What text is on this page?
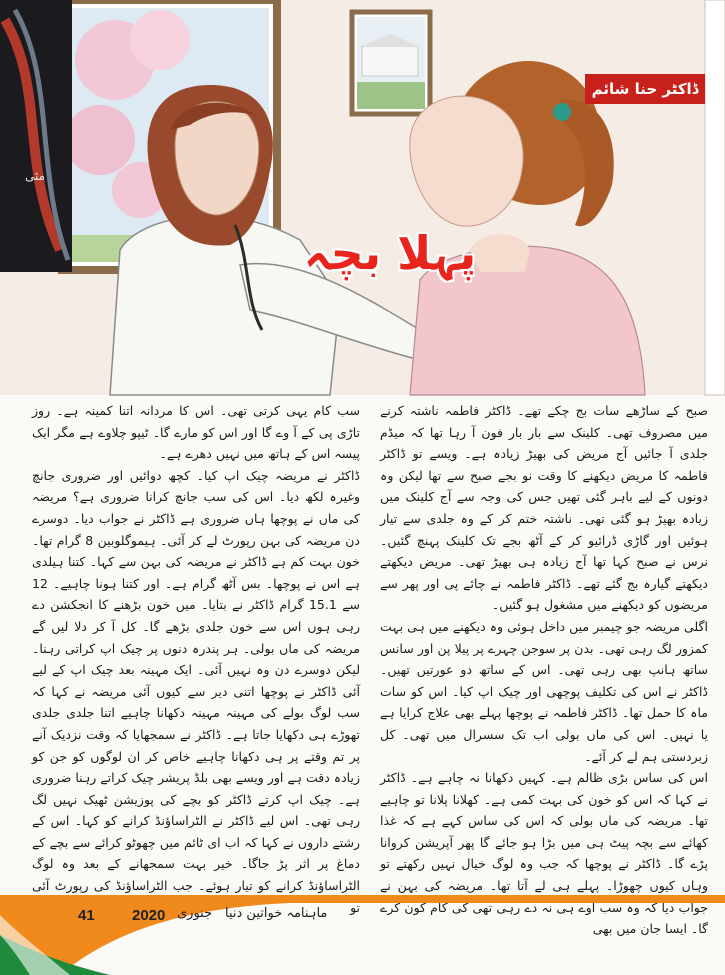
مئی
پہلا بچہ
ڈاکٹر حنا شائم

صبح کے ساڑھے سات بج چکے تھے۔ ڈاکٹر فاطمہ ناشتہ کرنے میں مصروف تھی۔ کلینک سے بار بار فون آ رہا تھا کہ میڈم جلدی آ جائیں آج مریض کی بھیڑ زیادہ ہے۔ ویسے تو ڈاکٹر فاطمہ کا مریض دیکھنے کا وقت نو بجے صبح سے تھا لیکن وہ دونوں کے لیے باہر گئی تھیں جس کی وجہ سے آج کلینک میں زیادہ بھیڑ ہو گئی تھی۔ ناشتہ ختم کر کے وہ جلدی سے تیار ہوئیں اور گاڑی ڈرائیو کر کے آٹھ بجے تک کلینک پہنچ گئیں۔ نرس نے صبح کہا تھا آج زیادہ ہی بھیڑ تھی۔ مریض دیکھتے دیکھتے گیارہ بج گئے تھے۔ ڈاکٹر فاطمہ نے چائے پی اور پھر سے مریضوں کو دیکھنے میں مشغول ہو گئیں۔

اگلی مریضہ جو چیمبر میں داخل ہوئی وہ دیکھنے میں ہی بہت کمزور لگ رہی تھی۔ بدن پر سوجن چہرے پر پیلا پن اور سانس ساتھ ہانپ بھی رہی تھی۔ اس کے ساتھ دو عورتیں تھیں۔ ڈاکٹر نے اس کی تکلیف پوچھی اور چیک اپ کیا۔ اس کو سات ماہ کا حمل تھا۔ ڈاکٹر فاطمہ نے پوچھا پہلے بھی علاج کرایا ہے یا نہیں۔ اس کی ماں بولی اب تک سسرال میں تھی۔ کل زبردستی ہم لے کر آئے۔

اس کی ساس بڑی ظالم ہے۔ کہیں دکھانا نہ چاہے ہے۔ ڈاکٹر نے کہا کہ اس کو خون کی بہت کمی ہے۔ کھلانا پلانا تو چاہیے تھا۔ مریضہ کی ماں بولی کہ اس کی ساس کہے ہے کہ غذا کھائے سے بچہ پیٹ ہی میں بڑا ہو جائے گا پھر آپریشن کروانا پڑے گا۔ ڈاکٹر نے پوچھا کہ جب وہ لوگ خیال نہیں رکھتے تو وہاں کیوں چھوڑا۔ پہلے ہی لے آتا تھا۔ مریضہ کی بہن نے جواب دیا کہ وہ سب آوے ہی نہ دے رہی تھی کی کام کون کرے گا۔ ایسا جان میں بھی

سب کام یہی کرتی تھی۔ اس کا مردانہ اتنا کمینہ ہے۔ روز تاڑی پی کے آ وے گا اور اس کو مارے گا۔ ٹیپو چلاوے ہے مگر ایک پیسہ اس کے ہاتھ میں نہیں دھرے ہے۔

ڈاکٹر نے مریضہ چیک اپ کیا۔ کچھ دوائیں اور ضروری جانچ وغیرہ لکھ دیا۔ اس کی سب جانچ کرانا ضروری ہے؟ مریضہ کی ماں نے پوچھا ہاں ضروری ہے ڈاکٹر نے جواب دیا۔ دوسرے دن مریضہ کی بہن رپورٹ لے کر آئی۔ ہیموگلوبین 8 گرام تھا۔ خون بہت کم ہے ڈاکٹر نے مریضہ کی بہن سے کہا۔ کتنا ہیلدی ہے اس نے پوچھا۔ بس آٹھ گرام ہے۔ اور کتنا ہونا چاہیے۔ 12 سے 15.1 گرام ڈاکٹر نے بتایا۔ میں خون بڑھنے کا انجکشن دے رہی ہوں اس سے خون جلدی بڑھے گا۔ کل آ کر دلا لیں گے مریضہ کی ماں بولی۔ ہر پندرہ دنوں پر چیک اپ کراتی رہنا۔ لیکن دوسرے دن وہ نہیں آئی۔ ایک مہینہ بعد چیک اپ کے لیے آئی ڈاکٹر نے پوچھا اتنی دیر سے کیوں آئی مریضہ نے کہا کہ سب لوگ بولے کی مہینہ مہینہ دکھانا چاہیے اتنا جلدی جلدی تھوڑے ہی دکھایا جاتا ہے۔ ڈاکٹر نے سمجھایا کہ وقت نزدیک آنے پر تم وقتے پر ہی دکھانا چاہیے خاص کر ان لوگوں کو جن کو زیادہ دقت ہے اور ویسے بھی بلڈ پریشر چیک کراتے رہنا ضروری ہے۔ چیک اپ کرتے ڈاکٹر کو بچے کی پوزیشن ٹھیک نہیں لگ رہی تھی۔ اس لیے ڈاکٹر نے الٹراساؤنڈ کرانے کو کہا۔ اس کے رشتے داروں نے کہا کہ اب ای ٹائم میں چھوٹو کرائے سے بچے کے دماغ پر اثر پڑ جاگا۔ خیر بہت سمجھانے کے بعد وہ لوگ الٹراساؤنڈ کرانے کو تیار ہوئے۔ جب الٹراساؤنڈ کی رپورٹ آئی تو

41 2020 جنوری ماہنامہ خواتین دنیا
